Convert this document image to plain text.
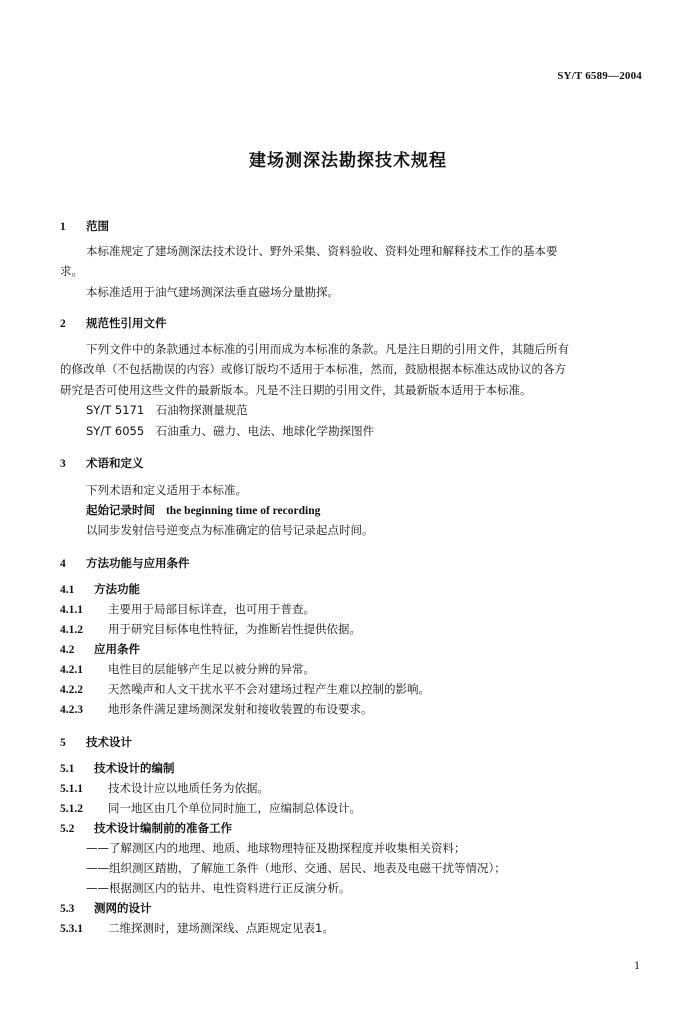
SY/T 6589—2004
建场测深法勘探技术规程
1 范围
本标准规定了建场测深法技术设计、野外采集、资料验收、资料处理和解释技术工作的基本要
求。
本标准适用于油气建场测深法垂直磁场分量勘探。
2 规范性引用文件
下列文件中的条款通过本标准的引用而成为本标准的条款。凡是注日期的引用文件，其随后所有
的修改单（不包括勘误的内容）或修订版均不适用于本标准，然而，鼓励根据本标准达成协议的各方
研究是否可使用这些文件的最新版本。凡是不注日期的引用文件，其最新版本适用于本标准。
SY/T 5171　石油物探测量规范
SY/T 6055　石油重力、磁力、电法、地球化学勘探图件
3 术语和定义
下列术语和定义适用于本标准。
起始记录时间 the beginning time of recording
以同步发射信号逆变点为标准确定的信号记录起点时间。
4 方法功能与应用条件
4.1 方法功能
4.1.1 主要用于局部目标详查，也可用于普查。
4.1.2 用于研究目标体电性特征，为推断岩性提供依据。
4.2 应用条件
4.2.1 电性目的层能够产生足以被分辨的异常。
4.2.2 天然噪声和人文干扰水平不会对建场过程产生难以控制的影响。
4.2.3 地形条件满足建场测深发射和接收装置的布设要求。
5 技术设计
5.1 技术设计的编制
5.1.1 技术设计应以地质任务为依据。
5.1.2 同一地区由几个单位同时施工，应编制总体设计。
5.2 技术设计编制前的准备工作
——了解测区内的地理、地质、地球物理特征及勘探程度并收集相关资料；
——组织测区踏勘，了解施工条件（地形、交通、居民、地表及电磁干扰等情况）；
——根据测区内的钻井、电性资料进行正反演分析。
5.3 测网的设计
5.3.1 二维探测时，建场测深线、点距规定见表1。
1
